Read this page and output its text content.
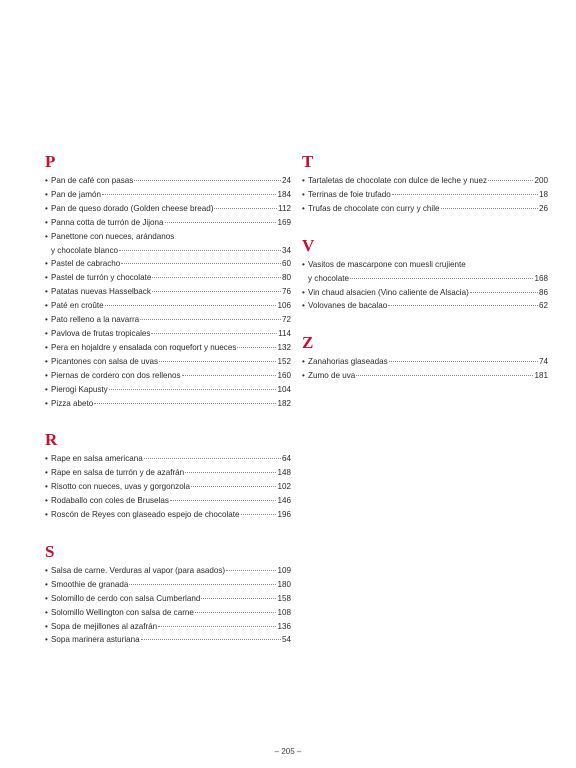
P
• Pan de café con pasas	24
• Pan de jamón	184
• Pan de queso dorado (Golden cheese bread)	112
• Panna cotta de turrón de Jijona	169
• Panettone con nueces, arándanos
y chocolate blanco	34
• Pastel de cabracho	60
• Pastel de turrón y chocolate	80
• Patatas nuevas Hasselback	76
• Paté en croûte	106
• Pato relleno a la navarra	72
• Pavlova de frutas tropicales	114
• Pera en hojaldre y ensalada con roquefort y nueces	132
• Picantones con salsa de uvas	152
• Piernas de cordero con dos rellenos	160
• Pierogi Kapusty	104
• Pizza abeto	182
R
• Rape en salsa americana	64
• Rape en salsa de turrón y de azafrán	148
• Risotto con nueces, uvas y gorgonzola	102
• Rodaballo con coles de Bruselas	146
• Roscón de Reyes con glaseado espejo de chocolate	196
S
• Salsa de carne. Verduras al vapor (para asados)	109
• Smoothie de granada	180
• Solomillo de cerdo con salsa Cumberland	158
• Solomillo Wellington con salsa de carne	108
• Sopa de mejillones al azafrán	136
• Sopa marinera asturiana	54
T
• Tartaletas de chocolate con dulce de leche y nuez	200
• Terrinas de foie trufado	18
• Trufas de chocolate con curry y chile	26
V
• Vasitos de mascarpone con muesli crujiente
y chocolate	168
• Vin chaud alsacien (Vino caliente de Alsacia)	86
• Volovanes de bacalao	62
Z
• Zanahorias glaseadas	74
• Zumo de uva	181
– 205 –
